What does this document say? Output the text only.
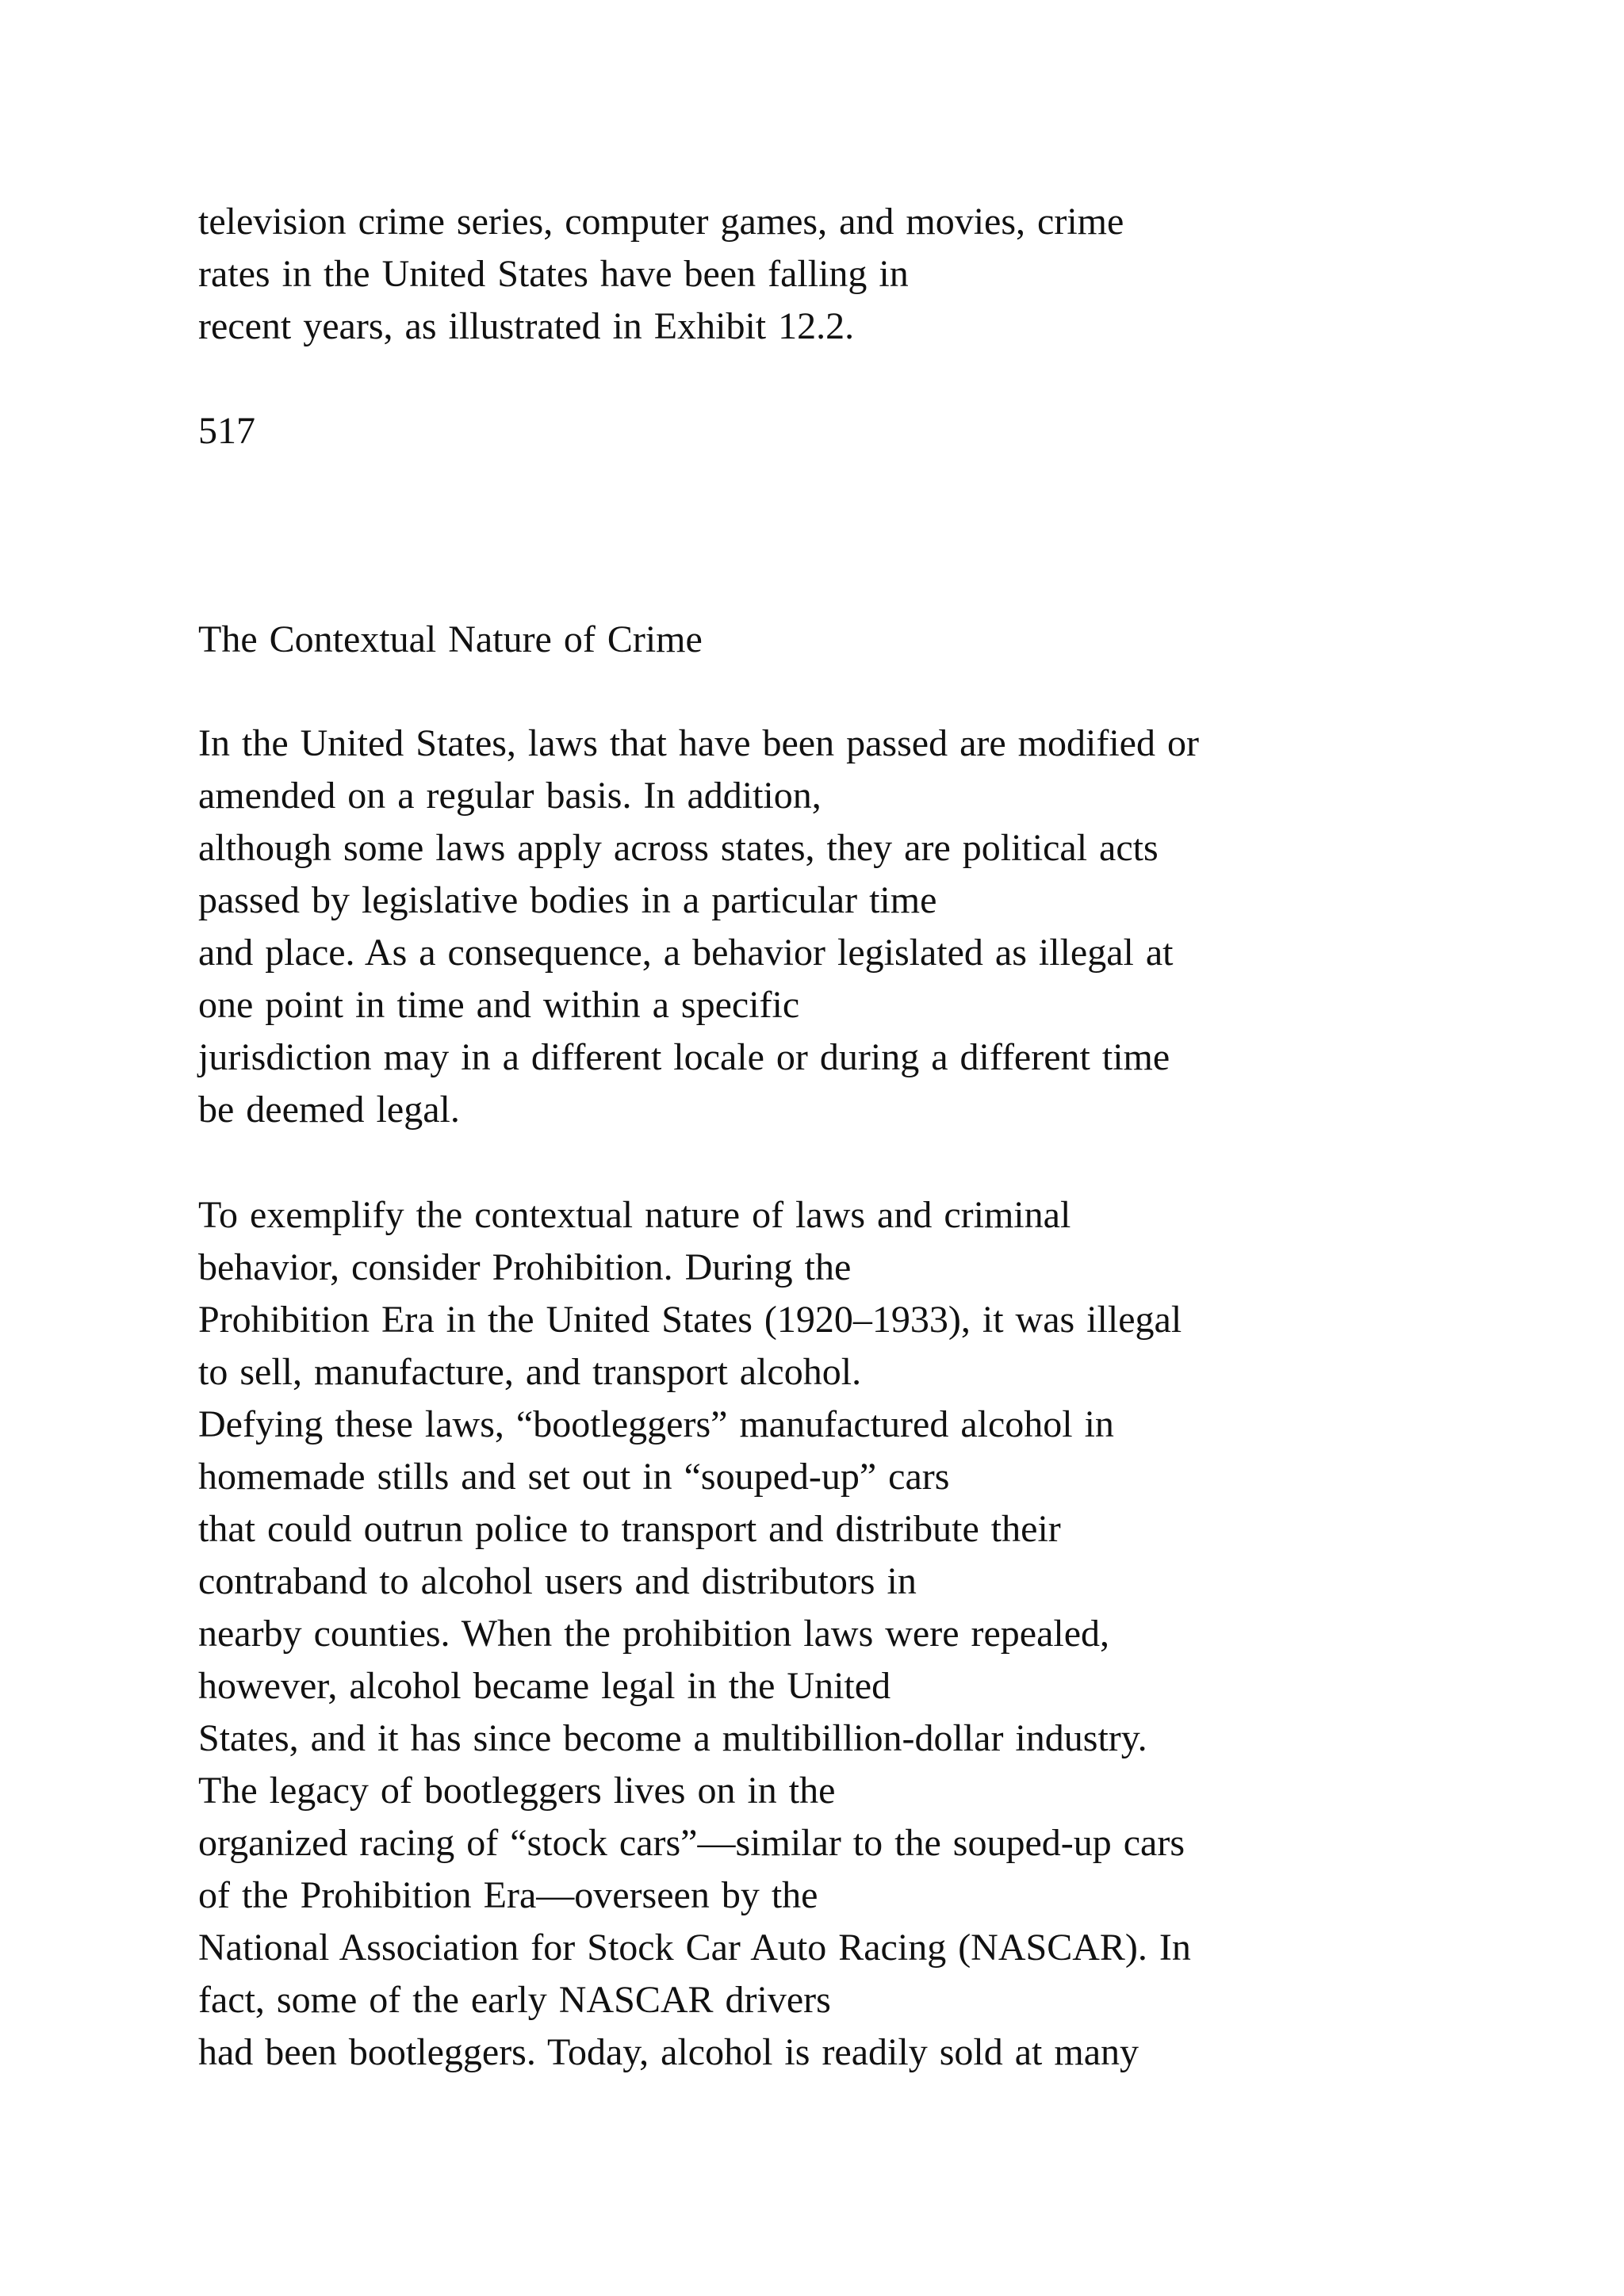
television crime series, computer games, and movies, crime

rates in the United States have been falling in

recent years, as illustrated in Exhibit 12.2.

517

The Contextual Nature of Crime

In the United States, laws that have been passed are modified or

amended on a regular basis. In addition,

although some laws apply across states, they are political acts

passed by legislative bodies in a particular time

and place. As a consequence, a behavior legislated as illegal at

one point in time and within a specific

jurisdiction may in a different locale or during a different time

be deemed legal.

To exemplify the contextual nature of laws and criminal

behavior, consider Prohibition. During the

Prohibition Era in the United States (1920–1933), it was illegal

to sell, manufacture, and transport alcohol.

Defying these laws, “bootleggers” manufactured alcohol in

homemade stills and set out in “souped-up” cars

that could outrun police to transport and distribute their

contraband to alcohol users and distributors in

nearby counties. When the prohibition laws were repealed,

however, alcohol became legal in the United

States, and it has since become a multibillion-dollar industry.

The legacy of bootleggers lives on in the

organized racing of “stock cars”—similar to the souped-up cars

of the Prohibition Era—overseen by the

National Association for Stock Car Auto Racing (NASCAR). In

fact, some of the early NASCAR drivers

had been bootleggers. Today, alcohol is readily sold at many
